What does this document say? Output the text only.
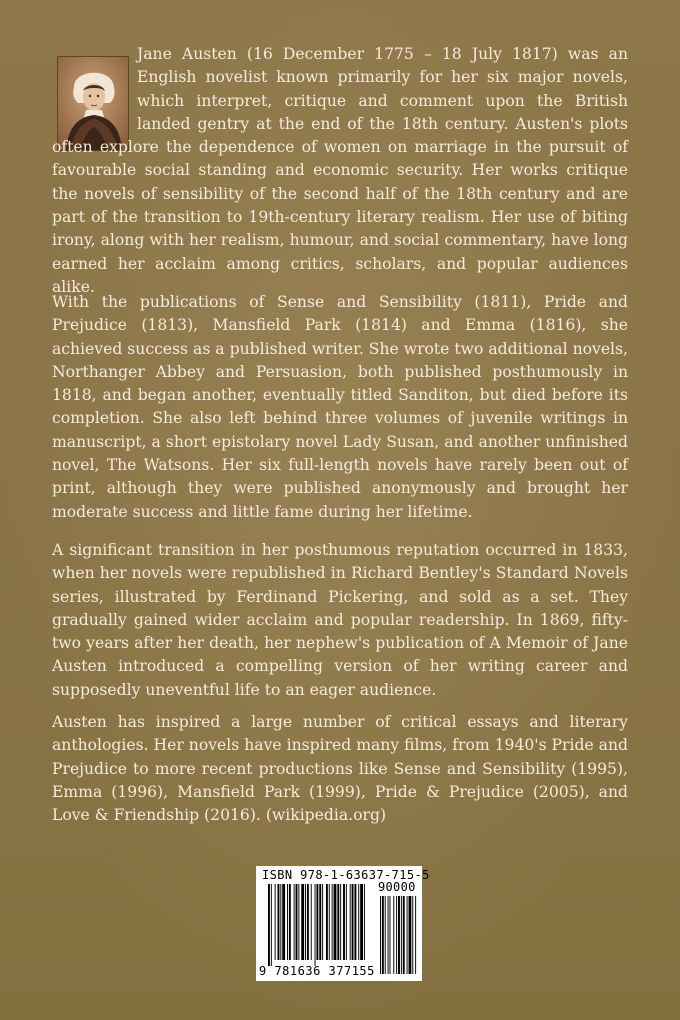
Jane Austen (16 December 1775 – 18 July 1817) was an English novelist known primarily for her six major novels, which interpret, critique and comment upon the British landed gentry at the end of the 18th century. Austen's plots often explore the dependence of women on marriage in the pursuit of favourable social standing and economic security. Her works critique the novels of sensibility of the second half of the 18th century and are part of the transition to 19th-century literary realism. Her use of biting irony, along with her realism, humour, and social commentary, have long earned her acclaim among critics, scholars, and popular audiences alike.

With the publications of Sense and Sensibility (1811), Pride and Prejudice (1813), Mansfield Park (1814) and Emma (1816), she achieved success as a published writer. She wrote two additional novels, Northanger Abbey and Persuasion, both published posthumously in 1818, and began another, eventually titled Sanditon, but died before its completion. She also left behind three volumes of juvenile writings in manuscript, a short epistolary novel Lady Susan, and another unfinished novel, The Watsons. Her six full-length novels have rarely been out of print, although they were published anonymously and brought her moderate success and little fame during her lifetime.

A significant transition in her posthumous reputation occurred in 1833, when her novels were republished in Richard Bentley's Standard Novels series, illustrated by Ferdinand Pickering, and sold as a set. They gradually gained wider acclaim and popular readership. In 1869, fifty-two years after her death, her nephew's publication of A Memoir of Jane Austen introduced a compelling version of her writing career and supposedly uneventful life to an eager audience.

Austen has inspired a large number of critical essays and literary anthologies. Her novels have inspired many films, from 1940's Pride and Prejudice to more recent productions like Sense and Sensibility (1995), Emma (1996), Mansfield Park (1999), Pride & Prejudice (2005), and Love & Friendship (2016). (wikipedia.org)

ISBN 978-1-63637-715-5
90000
9 781636 377155
